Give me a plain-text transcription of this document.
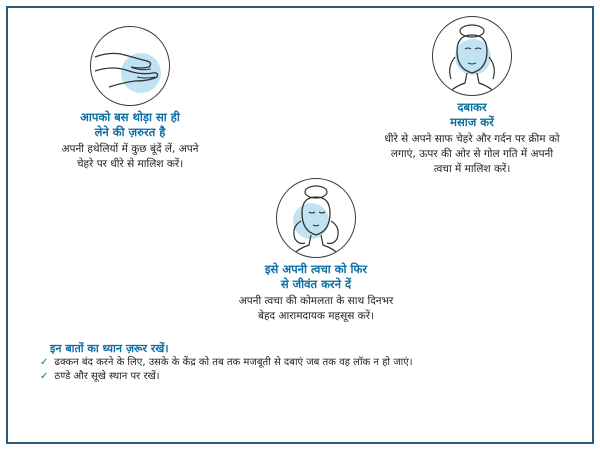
आपको बस थोड़ा सा ही
लेने की ज़रुरत है
अपनी हथेलियों में कुछ बूंदें लें, अपने
चेहरे पर धीरे से मालिश करें।
दबाकर
मसाज करें
धीरे से अपने साफ चेहरे और गर्दन पर क्रीम को
लगाएं, ऊपर की ओर से गोल गति में अपनी
त्वचा में मालिश करें।
इसे अपनी त्वचा को फिर
से जीवंत करने दें
अपनी त्वचा की कोमलता के साथ दिनभर
बेहद आरामदायक महसूस करें।
इन बातों का ध्यान ज़रूर रखें।
✓ ढक्कन बंद करने के लिए, उसके के केंद्र को तब तक मजबूती से दबाएं जब तक वह लॉक न हो जाएं।
✓ ठण्डे और सूखे स्थान पर रखें।
